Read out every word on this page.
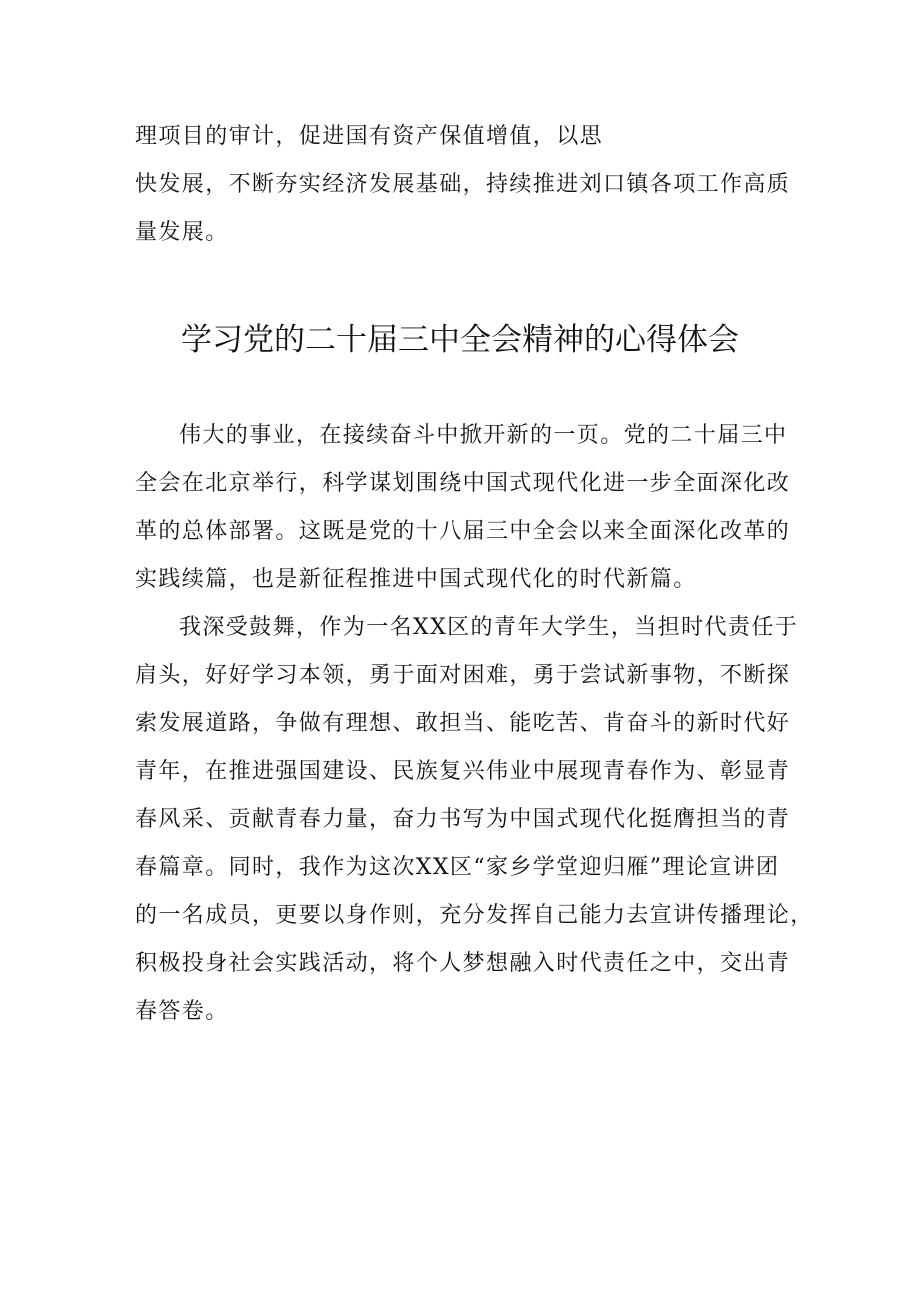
理项目的审计，促进国有资产保值增值，以思
快发展，不断夯实经济发展基础，持续推进刘口镇各项工作高质
量发展。
学习党的二十届三中全会精神的心得体会
伟大的事业，在接续奋斗中掀开新的一页。党的二十届三中
全会在北京举行，科学谋划围绕中国式现代化进一步全面深化改
革的总体部署。这既是党的十八届三中全会以来全面深化改革的
实践续篇，也是新征程推进中国式现代化的时代新篇。
我深受鼓舞，作为一名XX区的青年大学生，当担时代责任于
肩头，好好学习本领，勇于面对困难，勇于尝试新事物，不断探
索发展道路，争做有理想、敢担当、能吃苦、肯奋斗的新时代好
青年，在推进强国建设、民族复兴伟业中展现青春作为、彰显青
春风采、贡献青春力量，奋力书写为中国式现代化挺膺担当的青
春篇章。同时，我作为这次XX区“家乡学堂迎归雁”理论宣讲团
的一名成员，更要以身作则，充分发挥自己能力去宣讲传播理论，
积极投身社会实践活动，将个人梦想融入时代责任之中，交出青
春答卷。
